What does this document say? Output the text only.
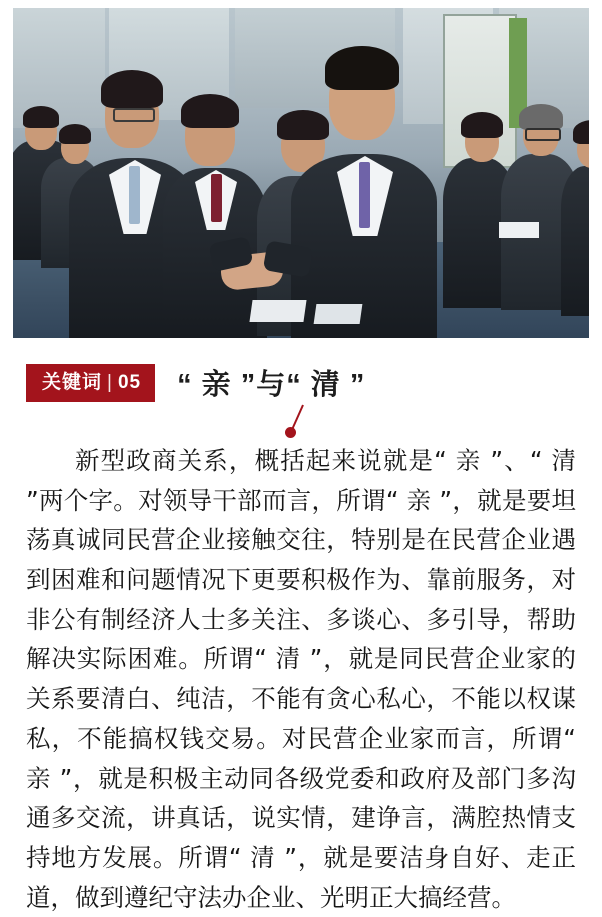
关键词 | 05 “ 亲 ”与“ 清 ”

新型政商关系，概括起来说就是“ 亲 ”、“ 清 ”两个字。对领导干部而言，所谓“ 亲 ”，就是要坦荡真诚同民营企业接触交往，特别是在民营企业遇到困难和问题情况下更要积极作为、靠前服务，对非公有制经济人士多关注、多谈心、多引导，帮助解决实际困难。所谓“ 清 ”，就是同民营企业家的关系要清白、纯洁，不能有贪心私心，不能以权谋私，不能搞权钱交易。对民营企业家而言，所谓“ 亲 ”，就是积极主动同各级党委和政府及部门多沟通多交流，讲真话，说实情，建诤言，满腔热情支持地方发展。所谓“ 清 ”，就是要洁身自好、走正道，做到遵纪守法办企业、光明正大搞经营。
